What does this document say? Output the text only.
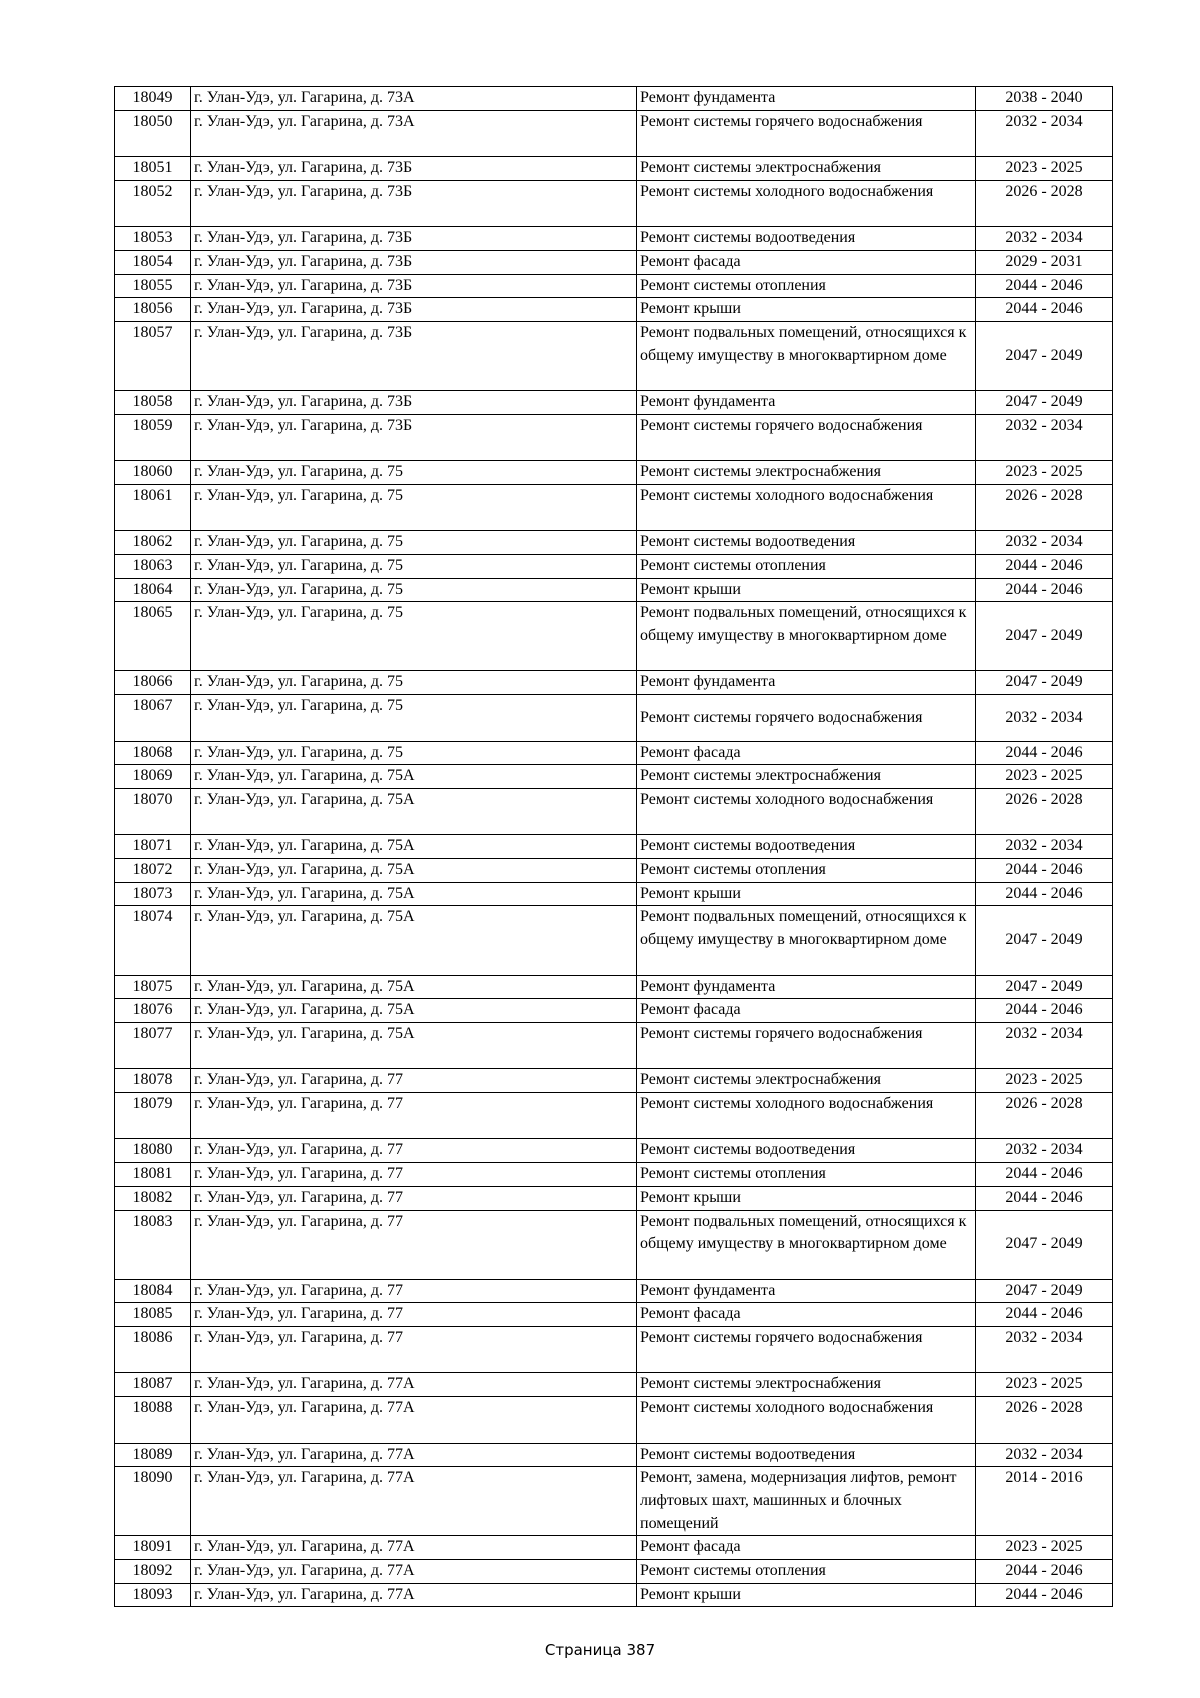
18049	г. Улан-Удэ, ул. Гагарина, д. 73А	Ремонт фундамента	2038 - 2040
18050	г. Улан-Удэ, ул. Гагарина, д. 73А	Ремонт системы горячего водоснабжения	2032 - 2034
18051	г. Улан-Удэ, ул. Гагарина, д. 73Б	Ремонт системы электроснабжения	2023 - 2025
18052	г. Улан-Удэ, ул. Гагарина, д. 73Б	Ремонт системы холодного водоснабжения	2026 - 2028
18053	г. Улан-Удэ, ул. Гагарина, д. 73Б	Ремонт системы водоотведения	2032 - 2034
18054	г. Улан-Удэ, ул. Гагарина, д. 73Б	Ремонт фасада	2029 - 2031
18055	г. Улан-Удэ, ул. Гагарина, д. 73Б	Ремонт системы отопления	2044 - 2046
18056	г. Улан-Удэ, ул. Гагарина, д. 73Б	Ремонт крыши	2044 - 2046
18057	г. Улан-Удэ, ул. Гагарина, д. 73Б	Ремонт подвальных помещений, относящихся к общему имуществу в многоквартирном доме	2047 - 2049
18058	г. Улан-Удэ, ул. Гагарина, д. 73Б	Ремонт фундамента	2047 - 2049
18059	г. Улан-Удэ, ул. Гагарина, д. 73Б	Ремонт системы горячего водоснабжения	2032 - 2034
18060	г. Улан-Удэ, ул. Гагарина, д. 75	Ремонт системы электроснабжения	2023 - 2025
18061	г. Улан-Удэ, ул. Гагарина, д. 75	Ремонт системы холодного водоснабжения	2026 - 2028
18062	г. Улан-Удэ, ул. Гагарина, д. 75	Ремонт системы водоотведения	2032 - 2034
18063	г. Улан-Удэ, ул. Гагарина, д. 75	Ремонт системы отопления	2044 - 2046
18064	г. Улан-Удэ, ул. Гагарина, д. 75	Ремонт крыши	2044 - 2046
18065	г. Улан-Удэ, ул. Гагарина, д. 75	Ремонт подвальных помещений, относящихся к общему имуществу в многоквартирном доме	2047 - 2049
18066	г. Улан-Удэ, ул. Гагарина, д. 75	Ремонт фундамента	2047 - 2049
18067	г. Улан-Удэ, ул. Гагарина, д. 75	Ремонт системы горячего водоснабжения	2032 - 2034
18068	г. Улан-Удэ, ул. Гагарина, д. 75	Ремонт фасада	2044 - 2046
18069	г. Улан-Удэ, ул. Гагарина, д. 75А	Ремонт системы электроснабжения	2023 - 2025
18070	г. Улан-Удэ, ул. Гагарина, д. 75А	Ремонт системы холодного водоснабжения	2026 - 2028
18071	г. Улан-Удэ, ул. Гагарина, д. 75А	Ремонт системы водоотведения	2032 - 2034
18072	г. Улан-Удэ, ул. Гагарина, д. 75А	Ремонт системы отопления	2044 - 2046
18073	г. Улан-Удэ, ул. Гагарина, д. 75А	Ремонт крыши	2044 - 2046
18074	г. Улан-Удэ, ул. Гагарина, д. 75А	Ремонт подвальных помещений, относящихся к общему имуществу в многоквартирном доме	2047 - 2049
18075	г. Улан-Удэ, ул. Гагарина, д. 75А	Ремонт фундамента	2047 - 2049
18076	г. Улан-Удэ, ул. Гагарина, д. 75А	Ремонт фасада	2044 - 2046
18077	г. Улан-Удэ, ул. Гагарина, д. 75А	Ремонт системы горячего водоснабжения	2032 - 2034
18078	г. Улан-Удэ, ул. Гагарина, д. 77	Ремонт системы электроснабжения	2023 - 2025
18079	г. Улан-Удэ, ул. Гагарина, д. 77	Ремонт системы холодного водоснабжения	2026 - 2028
18080	г. Улан-Удэ, ул. Гагарина, д. 77	Ремонт системы водоотведения	2032 - 2034
18081	г. Улан-Удэ, ул. Гагарина, д. 77	Ремонт системы отопления	2044 - 2046
18082	г. Улан-Удэ, ул. Гагарина, д. 77	Ремонт крыши	2044 - 2046
18083	г. Улан-Удэ, ул. Гагарина, д. 77	Ремонт подвальных помещений, относящихся к общему имуществу в многоквартирном доме	2047 - 2049
18084	г. Улан-Удэ, ул. Гагарина, д. 77	Ремонт фундамента	2047 - 2049
18085	г. Улан-Удэ, ул. Гагарина, д. 77	Ремонт фасада	2044 - 2046
18086	г. Улан-Удэ, ул. Гагарина, д. 77	Ремонт системы горячего водоснабжения	2032 - 2034
18087	г. Улан-Удэ, ул. Гагарина, д. 77А	Ремонт системы электроснабжения	2023 - 2025
18088	г. Улан-Удэ, ул. Гагарина, д. 77А	Ремонт системы холодного водоснабжения	2026 - 2028
18089	г. Улан-Удэ, ул. Гагарина, д. 77А	Ремонт системы водоотведения	2032 - 2034
18090	г. Улан-Удэ, ул. Гагарина, д. 77А	Ремонт, замена, модернизация лифтов, ремонт лифтовых шахт, машинных и блочных помещений	2014 - 2016
18091	г. Улан-Удэ, ул. Гагарина, д. 77А	Ремонт фасада	2023 - 2025
18092	г. Улан-Удэ, ул. Гагарина, д. 77А	Ремонт системы отопления	2044 - 2046
18093	г. Улан-Удэ, ул. Гагарина, д. 77А	Ремонт крыши	2044 - 2046
Страница 387
